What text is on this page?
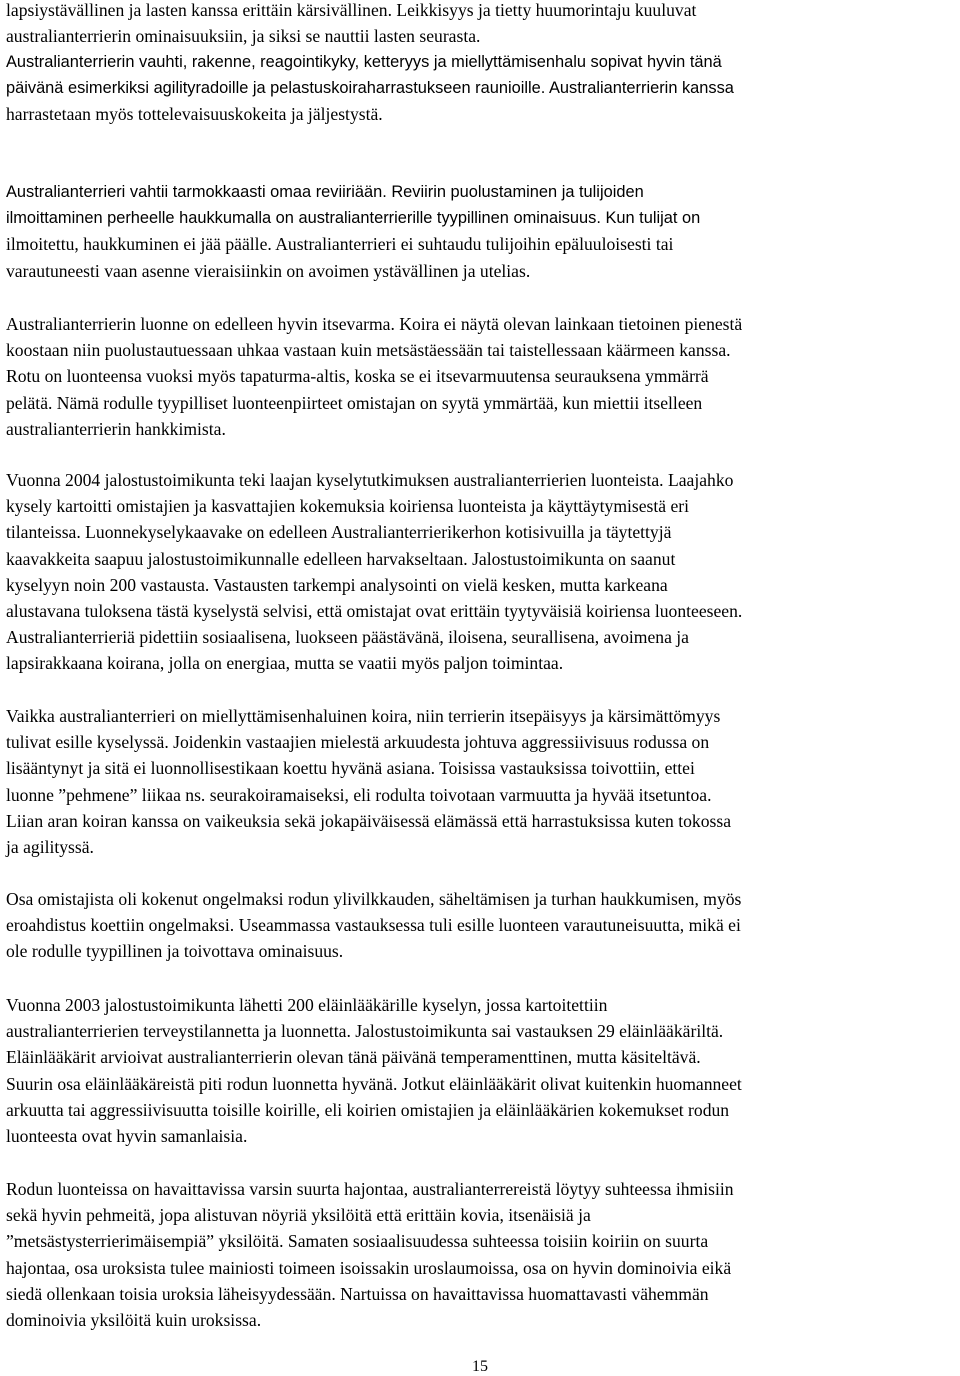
lapsiystävällinen ja lasten kanssa erittäin kärsivällinen. Leikkisyys ja tietty huumorintaju kuuluvat
australianterrierin ominaisuuksiin, ja siksi se nauttii lasten seurasta.

Australianterrierin vauhti, rakenne, reagointikyky, ketteryys ja miellyttämisenhalu sopivat hyvin tänä
päivänä esimerkiksi agilityradoille ja pelastuskoiraharrastukseen raunioille. Australianterrierin kanssa
harrastetaan myös tottelevaisuuskokeita ja jäljestystä.

Australianterrieri vahtii tarmokkaasti omaa reviiriään. Reviirin puolustaminen ja tulijoiden
ilmoittaminen perheelle haukkumalla on australianterrierille tyypillinen ominaisuus. Kun tulijat on
ilmoitettu, haukkuminen ei jää päälle. Australianterrieri ei suhtaudu tulijoihin epäluuloisesti tai
varautuneesti vaan asenne vieraisiinkin on avoimen ystävällinen ja utelias.

Australianterrierin luonne on edelleen hyvin itsevarma. Koira ei näytä olevan lainkaan tietoinen pienestä
koostaan niin puolustautuessaan uhkaa vastaan kuin metsästäessään tai taistellessaan käärmeen kanssa.
Rotu on luonteensa vuoksi myös tapaturma-altis, koska se ei itsevarmuutensa seurauksena ymmärrä
pelätä. Nämä rodulle tyypilliset luonteenpiirteet omistajan on syytä ymmärtää, kun miettii itselleen
australianterrierin hankkimista.

Vuonna 2004 jalostustoimikunta teki laajan kyselytutkimuksen australianterrierien luonteista. Laajahko
kysely kartoitti omistajien ja kasvattajien kokemuksia koiriensa luonteista ja käyttäytymisestä eri
tilanteissa. Luonnekyselykaavake on edelleen Australianterrierikerhon kotisivuilla ja täytettyjä
kaavakkeita saapuu jalostustoimikunnalle edelleen harvakseltaan. Jalostustoimikunta on saanut
kyselyyn noin 200 vastausta. Vastausten tarkempi analysointi on vielä kesken, mutta karkeana
alustavana tuloksena tästä kyselystä selvisi, että omistajat ovat erittäin tyytyväisiä koiriensa luonteeseen.
Australianterrieriä pidettiin sosiaalisena, luokseen päästävänä, iloisena, seurallisena, avoimena ja
lapsirakkaana koirana, jolla on energiaa, mutta se vaatii myös paljon toimintaa.

Vaikka australianterrieri on miellyttämisenhaluinen koira, niin terrierin itsepäisyys ja kärsimättömyys
tulivat esille kyselyssä. Joidenkin vastaajien mielestä arkuudesta johtuva aggressiivisuus rodussa on
lisääntynyt ja sitä ei luonnollisestikaan koettu hyvänä asiana. Toisissa vastauksissa toivottiin, ettei
luonne ”pehmene” liikaa ns. seurakoiramaiseksi, eli rodulta toivotaan varmuutta ja hyvää itsetuntoa.
Liian aran koiran kanssa on vaikeuksia sekä jokapäiväisessä elämässä että harrastuksissa kuten tokossa
ja agilityssä.

Osa omistajista oli kokenut ongelmaksi rodun ylivilkkauden, säheltämisen ja turhan haukkumisen, myös
eroahdistus koettiin ongelmaksi. Useammassa vastauksessa tuli esille luonteen varautuneisuutta, mikä ei
ole rodulle tyypillinen ja toivottava ominaisuus.

Vuonna 2003 jalostustoimikunta lähetti 200 eläinlääkärille kyselyn, jossa kartoitettiin
australianterrierien terveystilannetta ja luonnetta. Jalostustoimikunta sai vastauksen 29 eläinlääkäriltä.
Eläinlääkärit arvioivat australianterrierin olevan tänä päivänä temperamenttinen, mutta käsiteltävä.
Suurin osa eläinlääkäreistä piti rodun luonnetta hyvänä. Jotkut eläinlääkärit olivat kuitenkin huomanneet
arkuutta tai aggressiivisuutta toisille koirille, eli koirien omistajien ja eläinlääkärien kokemukset rodun
luonteesta ovat hyvin samanlaisia.

Rodun luonteissa on havaittavissa varsin suurta hajontaa, australianterrereistä löytyy suhteessa ihmisiin
sekä hyvin pehmeitä, jopa alistuvan nöyriä yksilöitä että erittäin kovia, itsenäisiä ja
”metsästysterrierimäisempiä” yksilöitä. Samaten sosiaalisuudessa suhteessa toisiin koiriin on suurta
hajontaa, osa uroksista tulee mainiosti toimeen isoissakin uroslaumoissa, osa on hyvin dominoivia eikä
siedä ollenkaan toisia uroksia läheisyydessään. Nartuissa on havaittavissa huomattavasti vähemmän
dominoivia yksilöitä kuin uroksissa.

15
